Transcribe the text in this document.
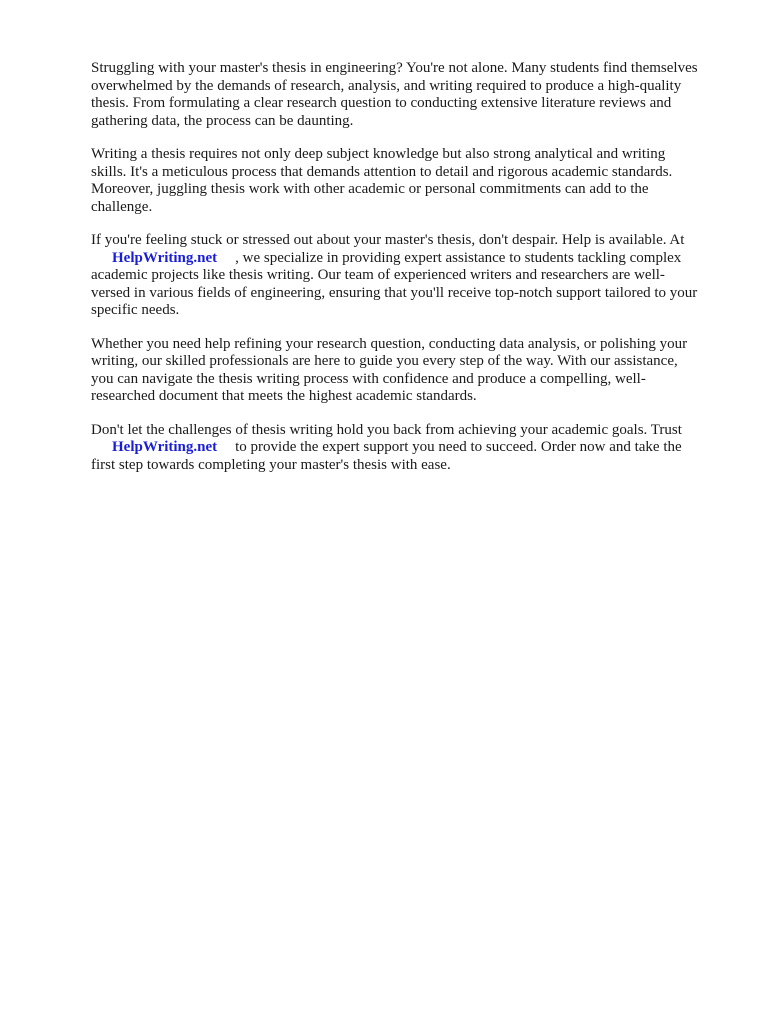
Struggling with your master's thesis in engineering? You're not alone. Many students find themselves
overwhelmed by the demands of research, analysis, and writing required to produce a high-quality
thesis. From formulating a clear research question to conducting extensive literature reviews and
gathering data, the process can be daunting.

Writing a thesis requires not only deep subject knowledge but also strong analytical and writing
skills. It's a meticulous process that demands attention to detail and rigorous academic standards.
Moreover, juggling thesis work with other academic or personal commitments can add to the
challenge.

If you're feeling stuck or stressed out about your master's thesis, don't despair. Help is available. At
HelpWriting.net , we specialize in providing expert assistance to students tackling complex
academic projects like thesis writing. Our team of experienced writers and researchers are well-
versed in various fields of engineering, ensuring that you'll receive top-notch support tailored to your
specific needs.

Whether you need help refining your research question, conducting data analysis, or polishing your
writing, our skilled professionals are here to guide you every step of the way. With our assistance,
you can navigate the thesis writing process with confidence and produce a compelling, well-
researched document that meets the highest academic standards.

Don't let the challenges of thesis writing hold you back from achieving your academic goals. Trust
HelpWriting.net to provide the expert support you need to succeed. Order now and take the
first step towards completing your master's thesis with ease.
